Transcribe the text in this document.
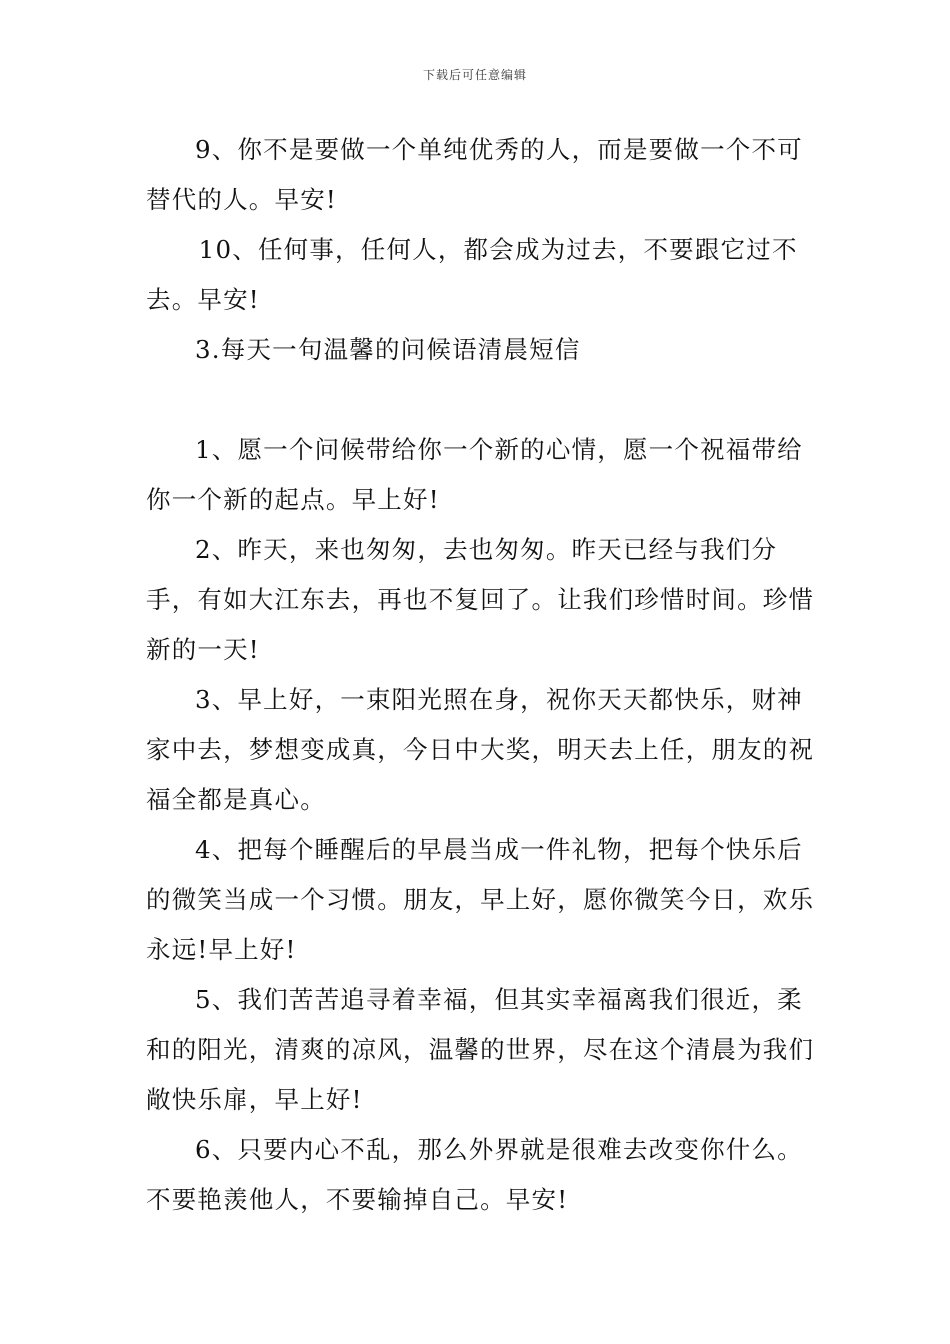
下载后可任意编辑

9、你不是要做一个单纯优秀的人，而是要做一个不可替代的人。早安!

10、任何事，任何人，都会成为过去，不要跟它过不去。早安!

3.每天一句温馨的问候语清晨短信

1、愿一个问候带给你一个新的心情，愿一个祝福带给你一个新的起点。早上好!

2、昨天，来也匆匆，去也匆匆。昨天已经与我们分手，有如大江东去，再也不复回了。让我们珍惜时间。珍惜新的一天!

3、早上好，一束阳光照在身，祝你天天都快乐，财神家中去，梦想变成真，今日中大奖，明天去上任，朋友的祝福全都是真心。

4、把每个睡醒后的早晨当成一件礼物，把每个快乐后的微笑当成一个习惯。朋友，早上好，愿你微笑今日，欢乐永远!早上好!

5、我们苦苦追寻着幸福，但其实幸福离我们很近，柔和的阳光，清爽的凉风，温馨的世界，尽在这个清晨为我们敞快乐扉，早上好!

6、只要内心不乱，那么外界就是很难去改变你什么。不要艳羡他人，不要输掉自己。早安!
